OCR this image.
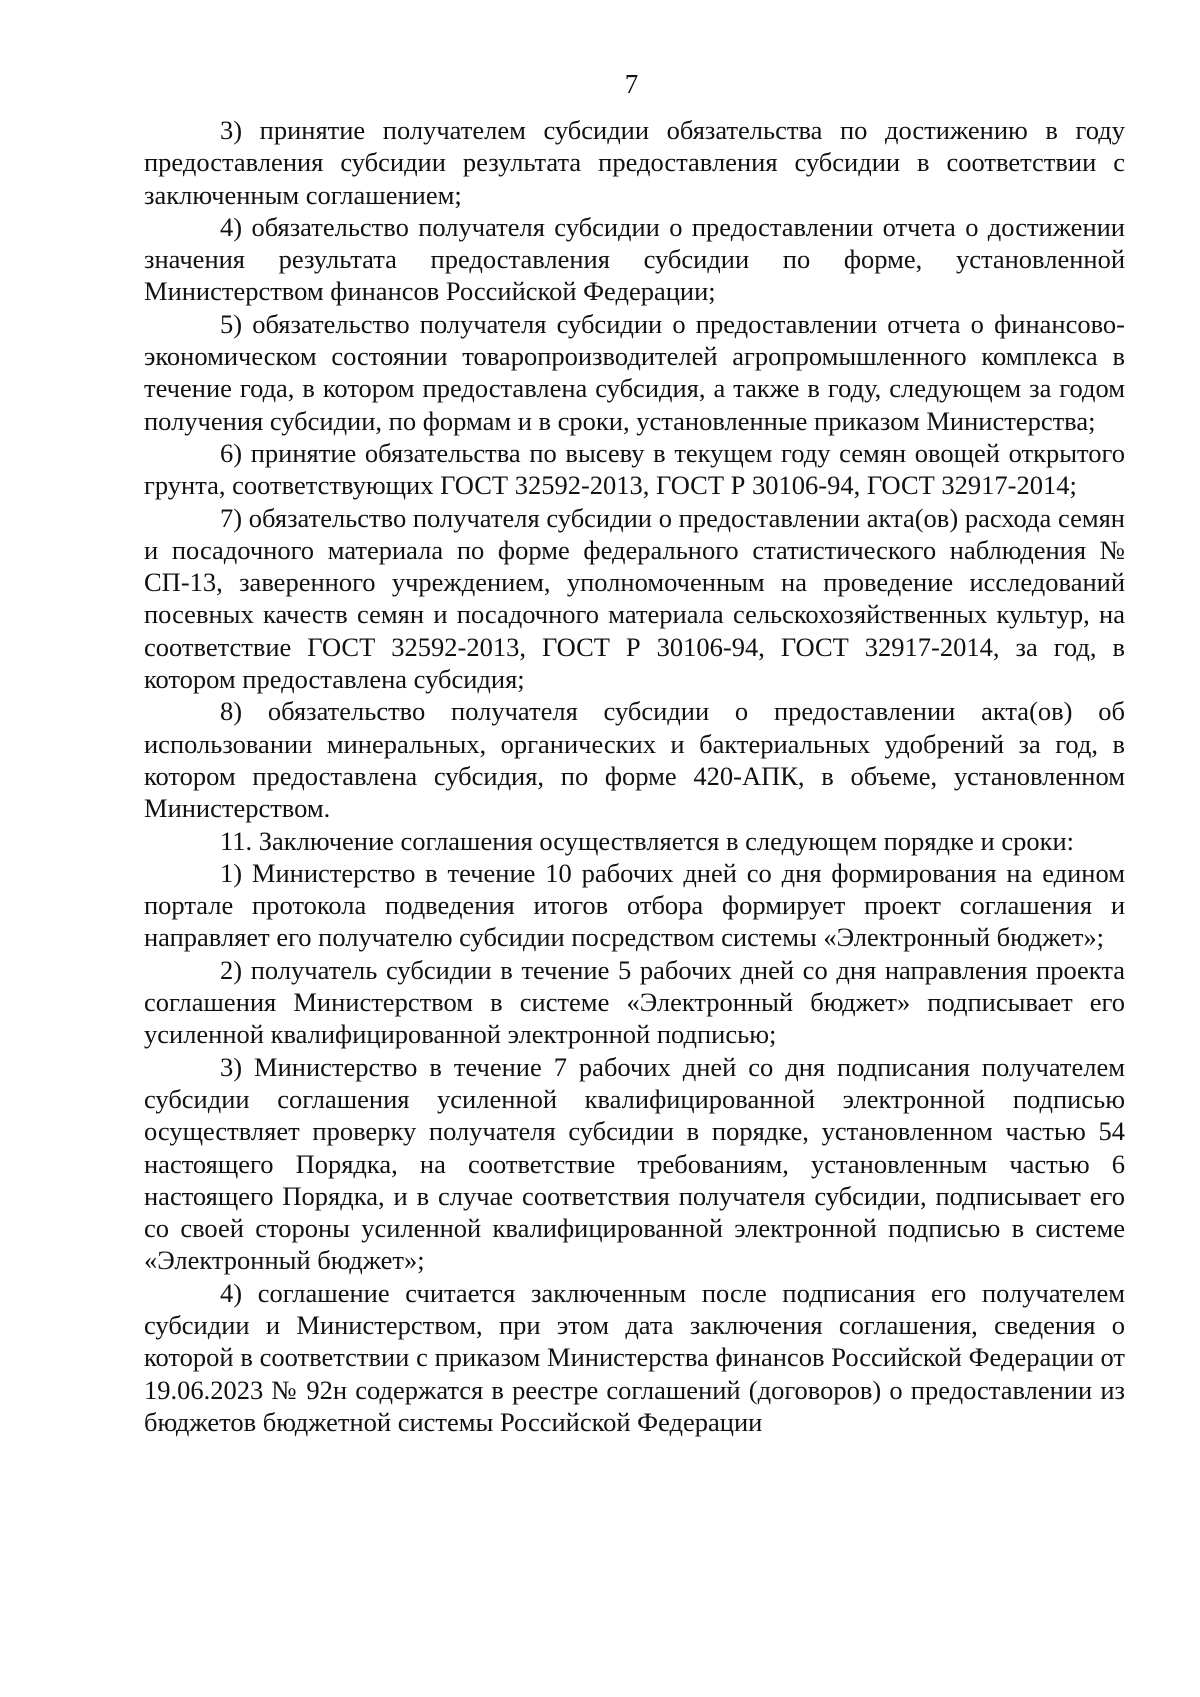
7

3) принятие получателем субсидии обязательства по достижению в году предоставления субсидии результата предоставления субсидии в соответствии с заключенным соглашением;

4) обязательство получателя субсидии о предоставлении отчета о достижении значения результата предоставления субсидии по форме, установленной Министерством финансов Российской Федерации;

5) обязательство получателя субсидии о предоставлении отчета о финансово-экономическом состоянии товаропроизводителей агропромышленного комплекса в течение года, в котором предоставлена субсидия, а также в году, следующем за годом получения субсидии, по формам и в сроки, установленные приказом Министерства;

6) принятие обязательства по высеву в текущем году семян овощей открытого грунта, соответствующих ГОСТ 32592-2013, ГОСТ Р 30106-94, ГОСТ 32917-2014;

7) обязательство получателя субсидии о предоставлении акта(ов) расхода семян и посадочного материала по форме федерального статистического наблюдения № СП-13, заверенного учреждением, уполномоченным на проведение исследований посевных качеств семян и посадочного материала сельскохозяйственных культур, на соответствие ГОСТ 32592-2013, ГОСТ Р 30106-94, ГОСТ 32917-2014, за год, в котором предоставлена субсидия;

8) обязательство получателя субсидии о предоставлении акта(ов) об использовании минеральных, органических и бактериальных удобрений за год, в котором предоставлена субсидия, по форме 420-АПК, в объеме, установленном Министерством.

11. Заключение соглашения осуществляется в следующем порядке и сроки:

1) Министерство в течение 10 рабочих дней со дня формирования на едином портале протокола подведения итогов отбора формирует проект соглашения и направляет его получателю субсидии посредством системы «Электронный бюджет»;

2) получатель субсидии в течение 5 рабочих дней со дня направления проекта соглашения Министерством в системе «Электронный бюджет» подписывает его усиленной квалифицированной электронной подписью;

3) Министерство в течение 7 рабочих дней со дня подписания получателем субсидии соглашения усиленной квалифицированной электронной подписью осуществляет проверку получателя субсидии в порядке, установленном частью 54 настоящего Порядка, на соответствие требованиям, установленным частью 6 настоящего Порядка, и в случае соответствия получателя субсидии, подписывает его со своей стороны усиленной квалифицированной электронной подписью в системе «Электронный бюджет»;

4) соглашение считается заключенным после подписания его получателем субсидии и Министерством, при этом дата заключения соглашения, сведения о которой в соответствии с приказом Министерства финансов Российской Федерации от 19.06.2023 № 92н содержатся в реестре соглашений (договоров) о предоставлении из бюджетов бюджетной системы Российской Федерации
